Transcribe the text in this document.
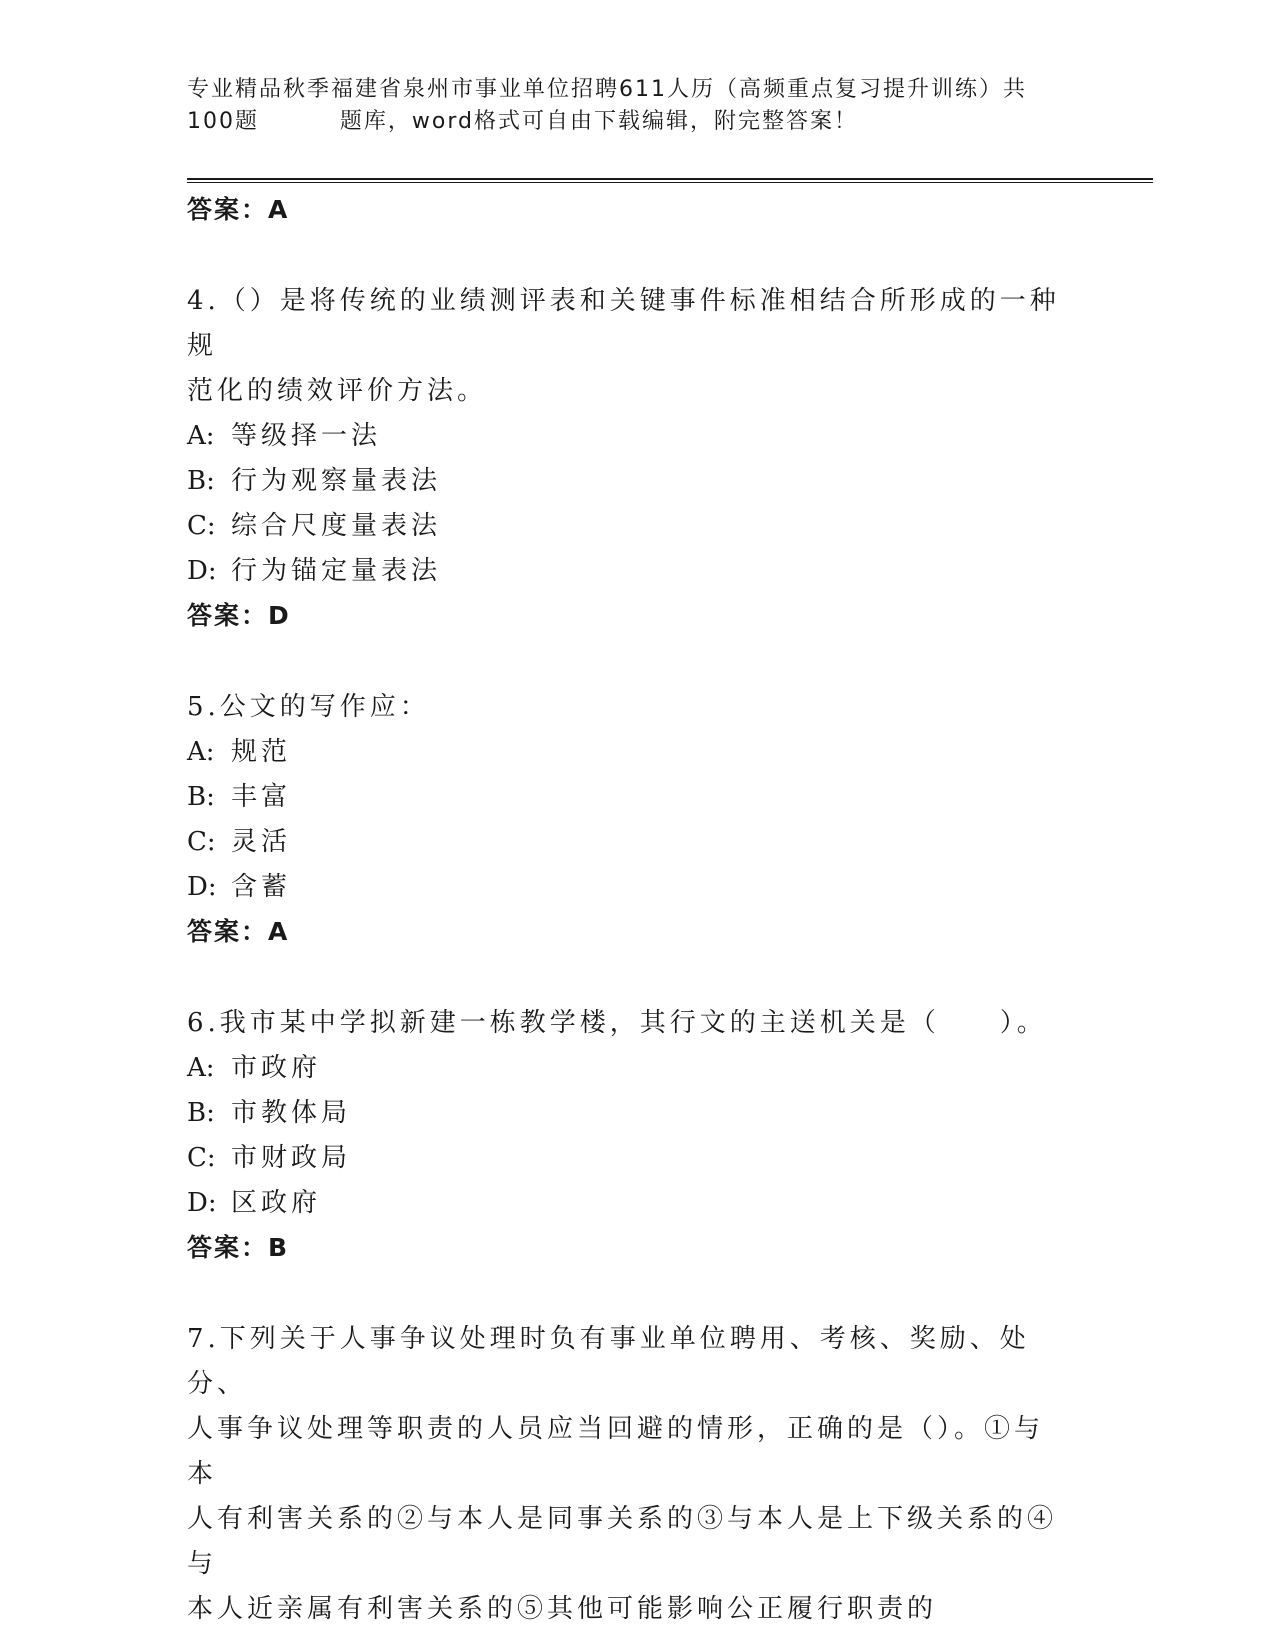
专业精品秋季福建省泉州市事业单位招聘611人历（高频重点复习提升训练）共
100题         题库，word格式可自由下载编辑，附完整答案！
答案：A
4.（）是将传统的业绩测评表和关键事件标准相结合所形成的一种规
范化的绩效评价方法。
A: 等级择一法
B: 行为观察量表法
C: 综合尺度量表法
D: 行为锚定量表法
答案：D
5.公文的写作应：
A: 规范
B: 丰富
C: 灵活
D: 含蓄
答案：A
6.我市某中学拟新建一栋教学楼，其行文的主送机关是（　　）。
A: 市政府
B: 市教体局
C: 市财政局
D: 区政府
答案：B
7.下列关于人事争议处理时负有事业单位聘用、考核、奖励、处分、
人事争议处理等职责的人员应当回避的情形，正确的是（）。①与本
人有利害关系的②与本人是同事关系的③与本人是上下级关系的④与
本人近亲属有利害关系的⑤其他可能影响公正履行职责的
